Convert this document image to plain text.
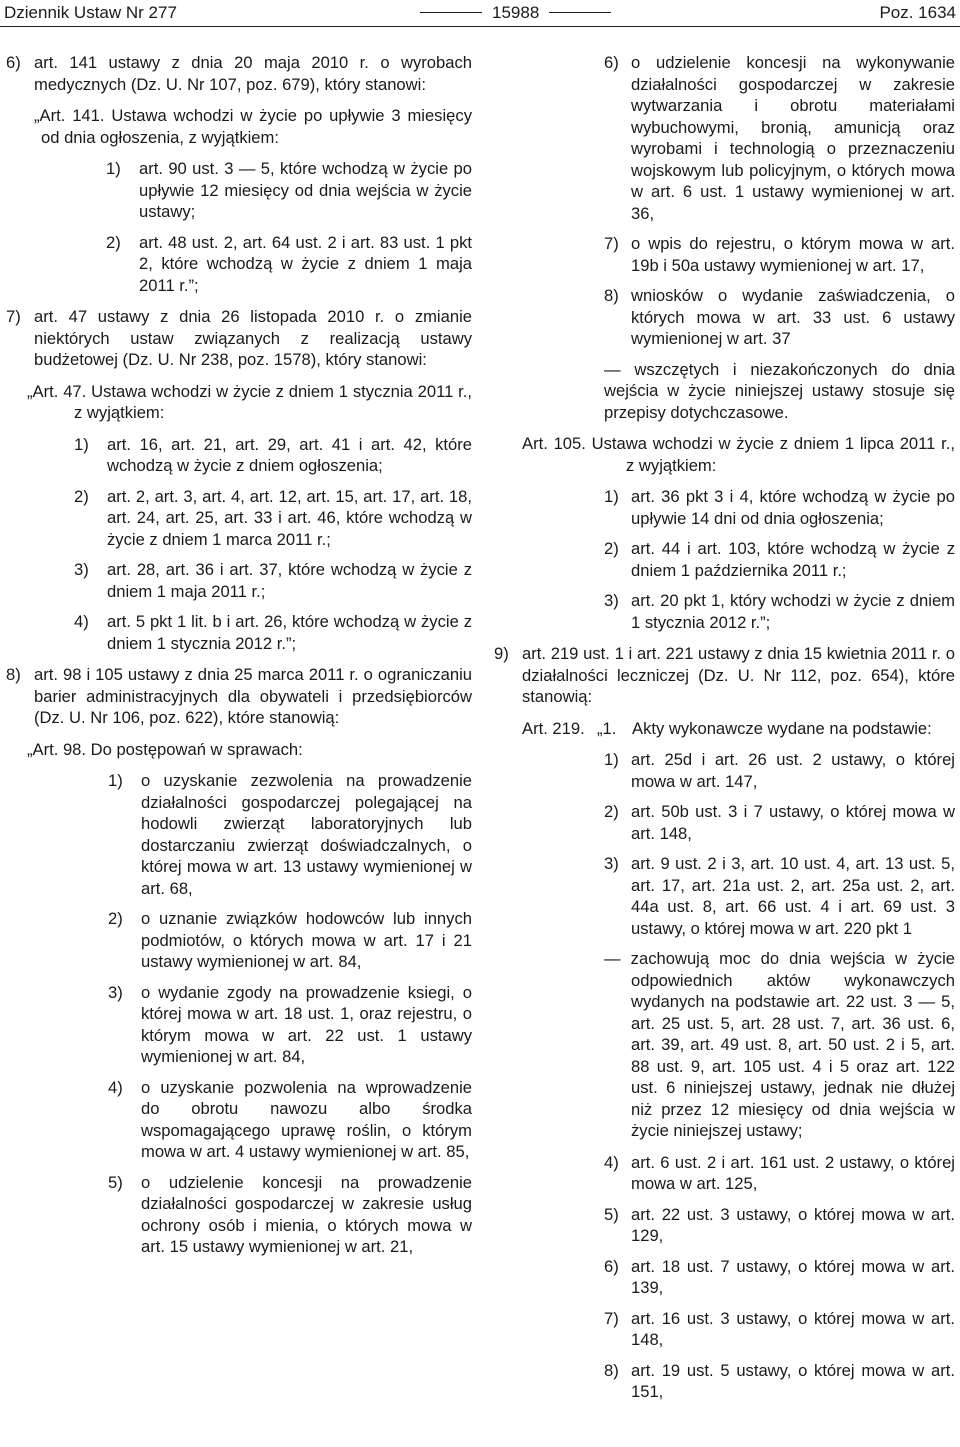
Dziennik Ustaw Nr 277	15988	Poz. 1634
6) art. 141 ustawy z dnia 20 maja 2010 r. o wyrobach medycznych (Dz. U. Nr 107, poz. 679), który stanowi:
„Art. 141. Ustawa wchodzi w życie po upływie 3 miesięcy od dnia ogłoszenia, z wyjątkiem:
1) art. 90 ust. 3 — 5, które wchodzą w życie po upływie 12 miesięcy od dnia wejścia w życie ustawy;
2) art. 48 ust. 2, art. 64 ust. 2 i art. 83 ust. 1 pkt 2, które wchodzą w życie z dniem 1 maja 2011 r.”;
7) art. 47 ustawy z dnia 26 listopada 2010 r. o zmianie niektórych ustaw związanych z realizacją ustawy budżetowej (Dz. U. Nr 238, poz. 1578), który stanowi:
„Art. 47. Ustawa wchodzi w życie z dniem 1 stycznia 2011 r., z wyjątkiem:
1) art. 16, art. 21, art. 29, art. 41 i art. 42, które wchodzą w życie z dniem ogłoszenia;
2) art. 2, art. 3, art. 4, art. 12, art. 15, art. 17, art. 18, art. 24, art. 25, art. 33 i art. 46, które wchodzą w życie z dniem 1 marca 2011 r.;
3) art. 28, art. 36 i art. 37, które wchodzą w życie z dniem 1 maja 2011 r.;
4) art. 5 pkt 1 lit. b i art. 26, które wchodzą w życie z dniem 1 stycznia 2012 r.”;
8) art. 98 i 105 ustawy z dnia 25 marca 2011 r. o ograniczaniu barier administracyjnych dla obywateli i przedsiębiorców (Dz. U. Nr 106, poz. 622), które stanowią:
„Art. 98. Do postępowań w sprawach:
1) o uzyskanie zezwolenia na prowadzenie działalności gospodarczej polegającej na hodowli zwierząt laboratoryjnych lub dostarczaniu zwierząt doświadczalnych, o której mowa w art. 13 ustawy wymienionej w art. 68,
2) o uznanie związków hodowców lub innych podmiotów, o których mowa w art. 17 i 21 ustawy wymienionej w art. 84,
3) o wydanie zgody na prowadzenie ksiegi, o której mowa w art. 18 ust. 1, oraz rejestru, o którym mowa w art. 22 ust. 1 ustawy wymienionej w art. 84,
4) o uzyskanie pozwolenia na wprowadzenie do obrotu nawozu albo środka wspomagającego uprawę roślin, o którym mowa w art. 4 ustawy wymienionej w art. 85,
5) o udzielenie koncesji na prowadzenie działalności gospodarczej w zakresie usług ochrony osób i mienia, o których mowa w art. 15 ustawy wymienionej w art. 21,
6) o udzielenie koncesji na wykonywanie działalności gospodarczej w zakresie wytwarzania i obrotu materiałami wybuchowymi, bronią, amunicją oraz wyrobami i technologią o przeznaczeniu wojskowym lub policyjnym, o których mowa w art. 6 ust. 1 ustawy wymienionej w art. 36,
7) o wpis do rejestru, o którym mowa w art. 19b i 50a ustawy wymienionej w art. 17,
8) wniosków o wydanie zaświadczenia, o których mowa w art. 33 ust. 6 ustawy wymienionej w art. 37
— wszczętych i niezakończonych do dnia wejścia w życie niniejszej ustawy stosuje się przepisy dotychczasowe.
Art. 105. Ustawa wchodzi w życie z dniem 1 lipca 2011 r., z wyjątkiem:
1) art. 36 pkt 3 i 4, które wchodzą w życie po upływie 14 dni od dnia ogłoszenia;
2) art. 44 i art. 103, które wchodzą w życie z dniem 1 października 2011 r.;
3) art. 20 pkt 1, który wchodzi w życie z dniem 1 stycznia 2012 r.”;
9) art. 219 ust. 1 i art. 221 ustawy z dnia 15 kwietnia 2011 r. o działalności leczniczej (Dz. U. Nr 112, poz. 654), które stanowią:
Art. 219. „1. Akty wykonawcze wydane na podstawie:
1) art. 25d i art. 26 ust. 2 ustawy, o której mowa w art. 147,
2) art. 50b ust. 3 i 7 ustawy, o której mowa w art. 148,
3) art. 9 ust. 2 i 3, art. 10 ust. 4, art. 13 ust. 5, art. 17, art. 21a ust. 2, art. 25a ust. 2, art. 44a ust. 8, art. 66 ust. 4 i art. 69 ust. 3 ustawy, o której mowa w art. 220 pkt 1
— zachowują moc do dnia wejścia w życie odpowiednich aktów wykonawczych wydanych na podstawie art. 22 ust. 3 — 5, art. 25 ust. 5, art. 28 ust. 7, art. 36 ust. 6, art. 39, art. 49 ust. 8, art. 50 ust. 2 i 5, art. 88 ust. 9, art. 105 ust. 4 i 5 oraz art. 122 ust. 6 niniejszej ustawy, jednak nie dłużej niż przez 12 miesięcy od dnia wejścia w życie niniejszej ustawy;
4) art. 6 ust. 2 i art. 161 ust. 2 ustawy, o której mowa w art. 125,
5) art. 22 ust. 3 ustawy, o której mowa w art. 129,
6) art. 18 ust. 7 ustawy, o której mowa w art. 139,
7) art. 16 ust. 3 ustawy, o której mowa w art. 148,
8) art. 19 ust. 5 ustawy, o której mowa w art. 151,
